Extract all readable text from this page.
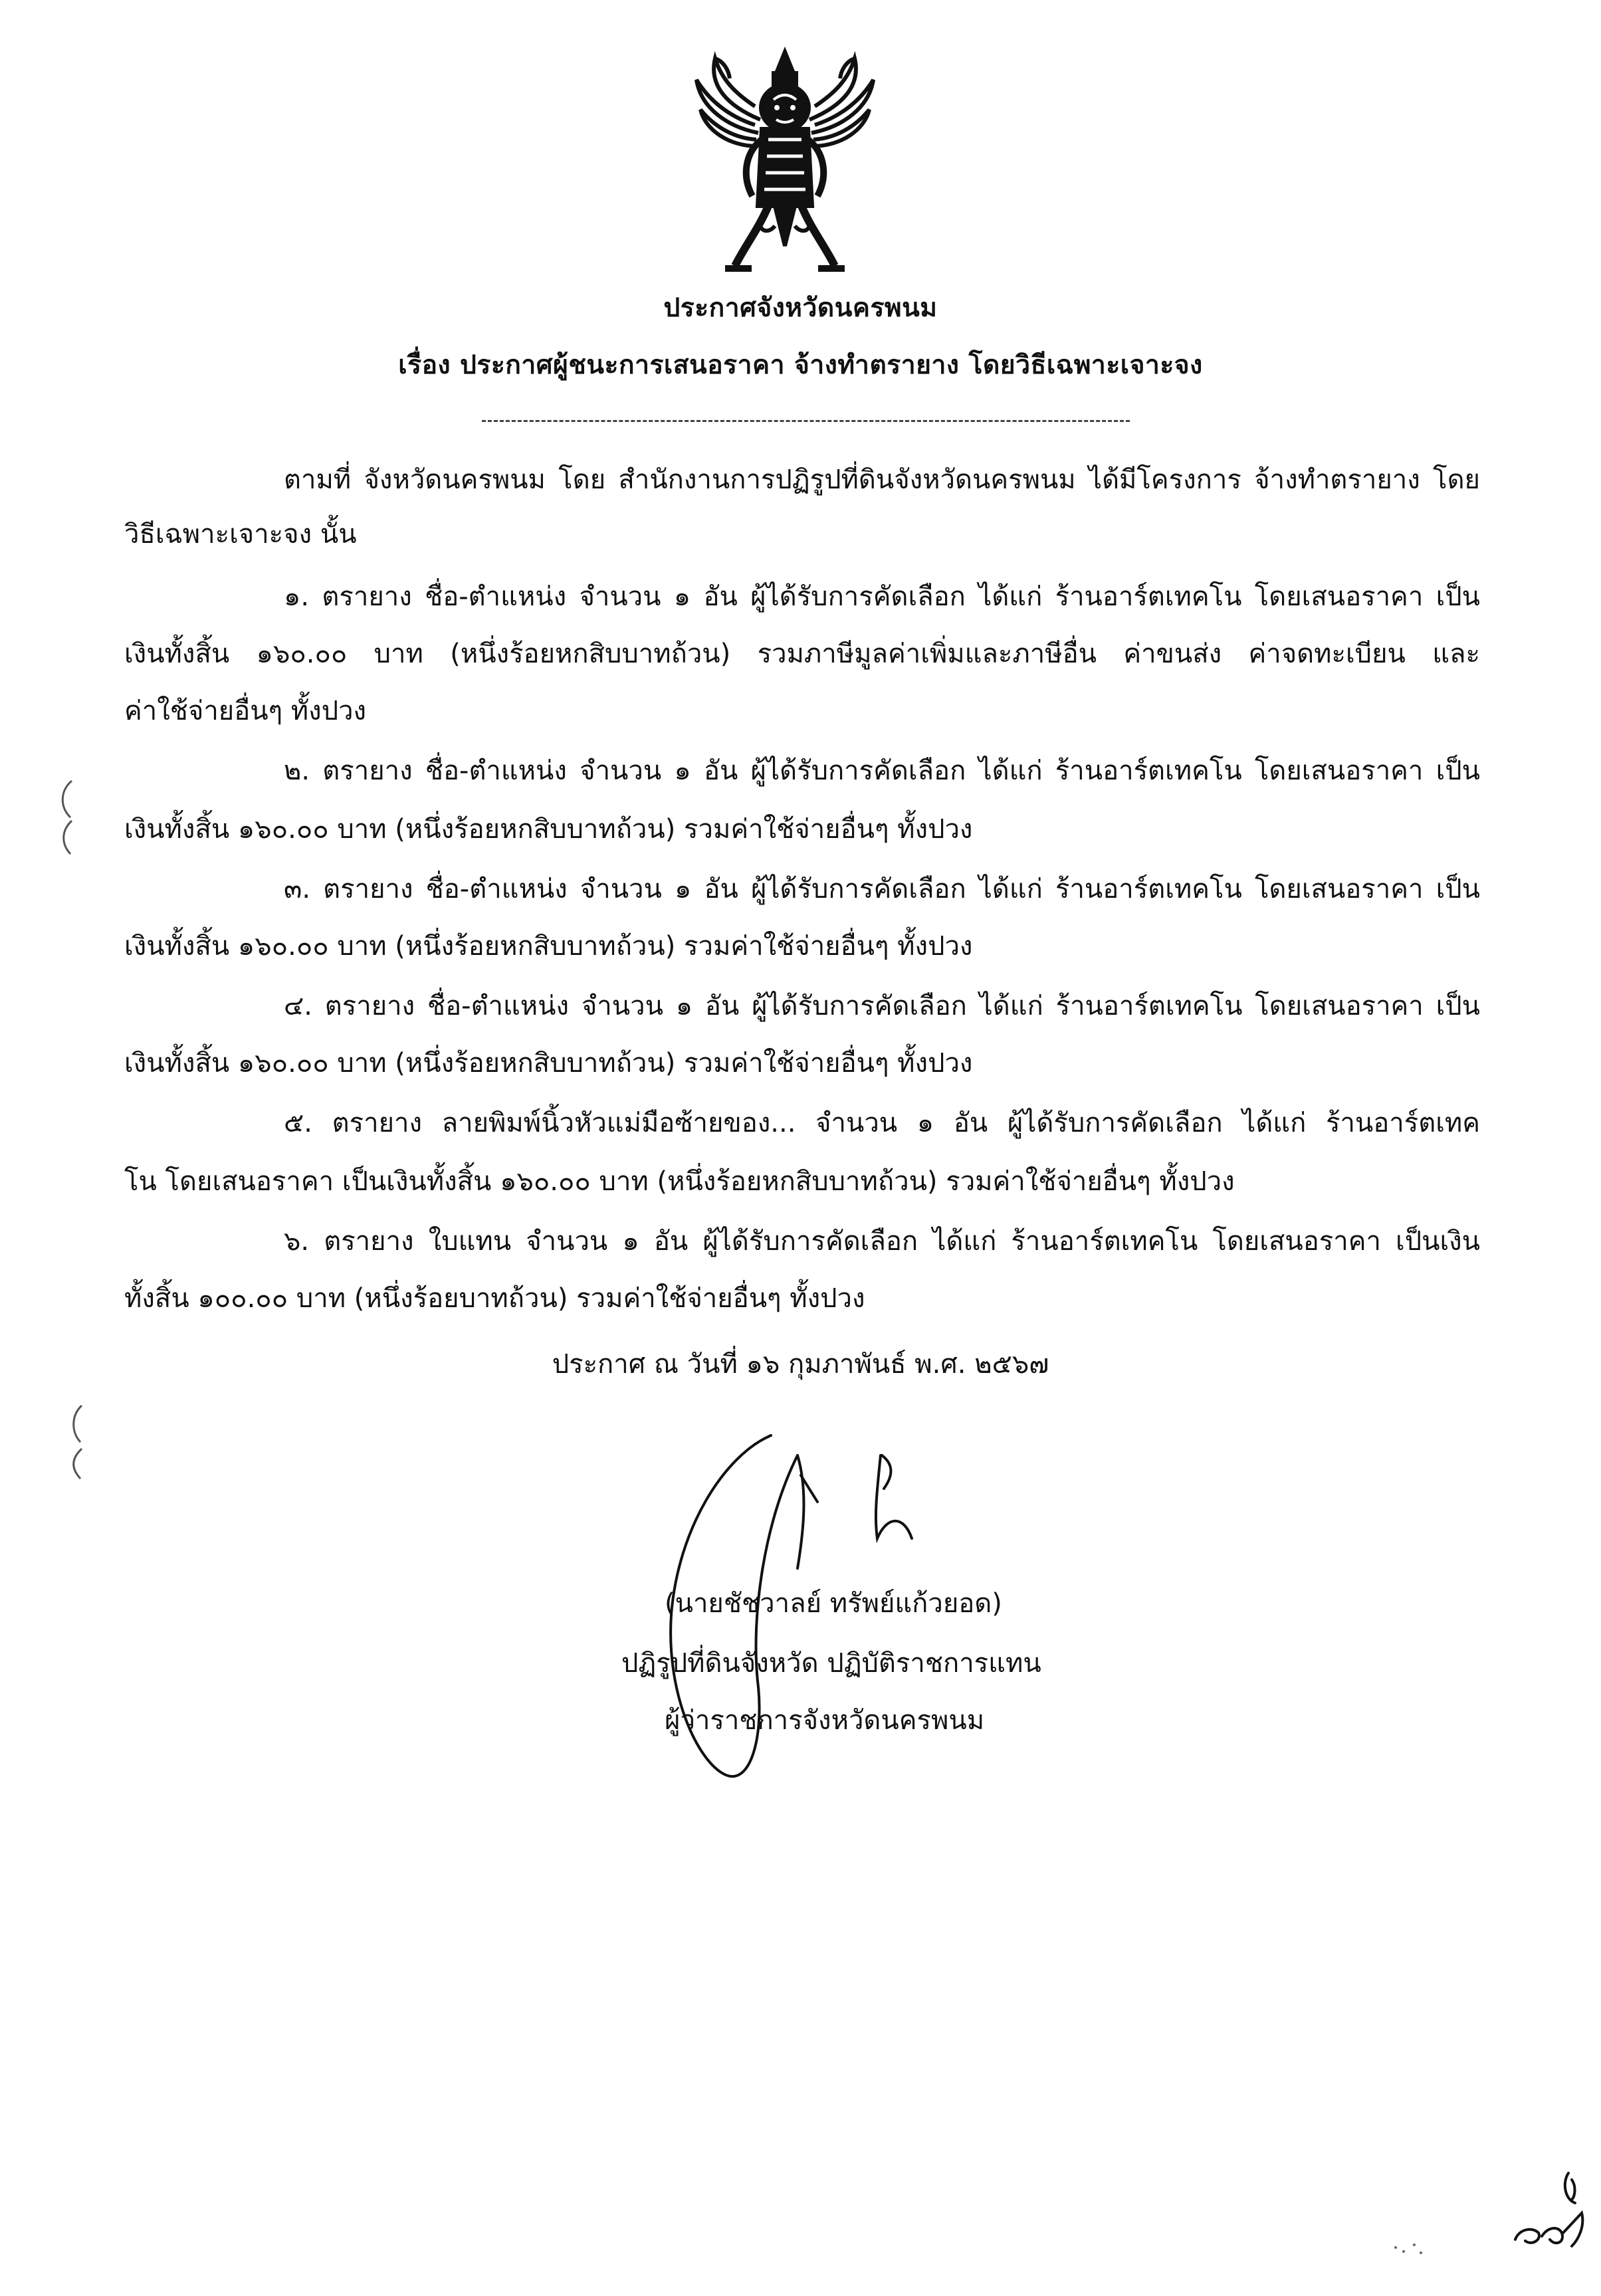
ประกาศจังหวัดนครพนม
เรื่อง ประกาศผู้ชนะการเสนอราคา จ้างทำตรายาง โดยวิธีเฉพาะเจาะจง
ตามที่ จังหวัดนครพนม โดย สำนักงานการปฏิรูปที่ดินจังหวัดนครพนม ได้มีโครงการ จ้างทำตรายาง โดย
วิธีเฉพาะเจาะจง นั้น
๑. ตรายาง ชื่อ-ตำแหน่ง จำนวน ๑ อัน ผู้ได้รับการคัดเลือก ได้แก่ ร้านอาร์ตเทคโน โดยเสนอราคา เป็น
เงินทั้งสิ้น ๑๖๐.๐๐ บาท (หนึ่งร้อยหกสิบบาทถ้วน) รวมภาษีมูลค่าเพิ่มและภาษีอื่น ค่าขนส่ง ค่าจดทะเบียน และ
ค่าใช้จ่ายอื่นๆ ทั้งปวง
๒. ตรายาง ชื่อ-ตำแหน่ง จำนวน ๑ อัน ผู้ได้รับการคัดเลือก ได้แก่ ร้านอาร์ตเทคโน โดยเสนอราคา เป็น
เงินทั้งสิ้น ๑๖๐.๐๐ บาท (หนึ่งร้อยหกสิบบาทถ้วน) รวมค่าใช้จ่ายอื่นๆ ทั้งปวง
๓. ตรายาง ชื่อ-ตำแหน่ง จำนวน ๑ อัน ผู้ได้รับการคัดเลือก ได้แก่ ร้านอาร์ตเทคโน โดยเสนอราคา เป็น
เงินทั้งสิ้น ๑๖๐.๐๐ บาท (หนึ่งร้อยหกสิบบาทถ้วน) รวมค่าใช้จ่ายอื่นๆ ทั้งปวง
๔. ตรายาง ชื่อ-ตำแหน่ง จำนวน ๑ อัน ผู้ได้รับการคัดเลือก ได้แก่ ร้านอาร์ตเทคโน โดยเสนอราคา เป็น
เงินทั้งสิ้น ๑๖๐.๐๐ บาท (หนึ่งร้อยหกสิบบาทถ้วน) รวมค่าใช้จ่ายอื่นๆ ทั้งปวง
๕. ตรายาง ลายพิมพ์นิ้วหัวแม่มือซ้ายของ... จำนวน ๑ อัน ผู้ได้รับการคัดเลือก ได้แก่ ร้านอาร์ตเทค
โน โดยเสนอราคา เป็นเงินทั้งสิ้น ๑๖๐.๐๐ บาท (หนึ่งร้อยหกสิบบาทถ้วน) รวมค่าใช้จ่ายอื่นๆ ทั้งปวง
๖. ตรายาง ใบแทน จำนวน ๑ อัน ผู้ได้รับการคัดเลือก ได้แก่ ร้านอาร์ตเทคโน โดยเสนอราคา เป็นเงิน
ทั้งสิ้น ๑๐๐.๐๐ บาท (หนึ่งร้อยบาทถ้วน) รวมค่าใช้จ่ายอื่นๆ ทั้งปวง
ประกาศ ณ วันที่ ๑๖ กุมภาพันธ์ พ.ศ. ๒๕๖๗
(นายชัชวาลย์ ทรัพย์แก้วยอด)
ปฏิรูปที่ดินจังหวัด ปฏิบัติราชการแทน
ผู้ว่าราชการจังหวัดนครพนม
